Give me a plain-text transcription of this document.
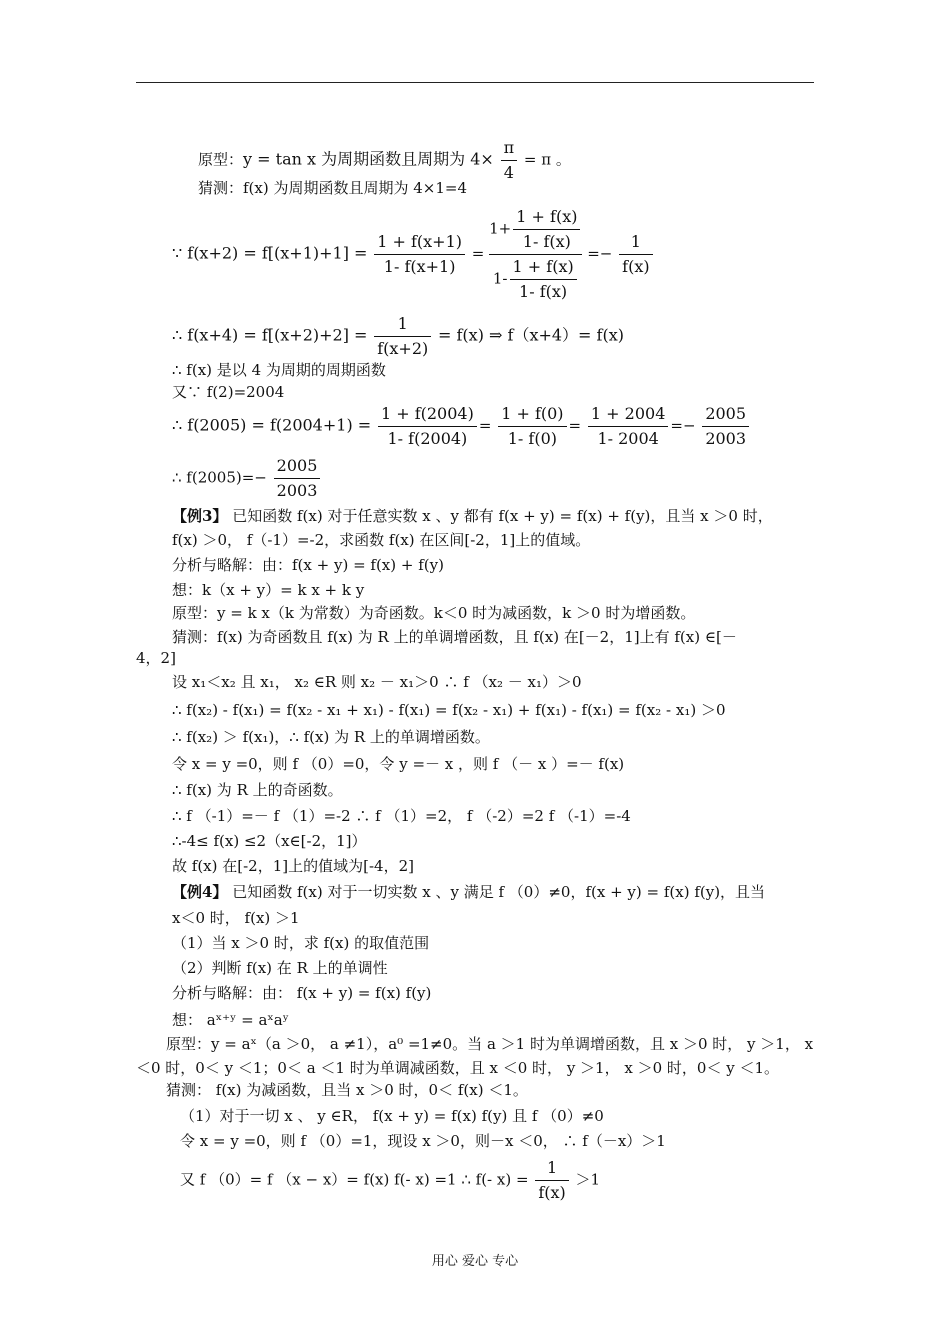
原型：y = tan x 为周期函数且周期为 $4\times \frac{\pi}{4} = \pi$ 。
猜测：f(x) 为周期函数且周期为 4×1=4
∵ $f(x+2) = f[(x+1)+1] = \frac{1 + f(x+1)}{1- f(x+1)} = \frac{1+ \frac{1 + f(x)}{1- f(x)}}{1- \frac{1 + f(x)}{1- f(x)}} =- \frac{1}{f(x)}$
∴ $f(x+4) = f[(x+2)+2] = \frac{1}{f(x+2)} = f(x)$ ⇒ f（x+4）= f(x)
∴ f(x) 是以 4 为周期的周期函数
又∵ f(2)=2004
∴ $f(2005) = f(2004+1) = \frac{1 + f(2004)}{1- f(2004)} = \frac{1 + f(0)}{1- f(0)} = \frac{1 + 2004}{1- 2004} =- \frac{2005}{2003}$
∴ $f(2005)=- \frac{2005}{2003}$
【例3】 已知函数 f(x) 对于任意实数 x 、y 都有 f(x + y) = f(x) + f(y)，且当 x ＞0 时，
f(x) ＞0， f（-1）=-2，求函数 f(x) 在区间[-2，1]上的值域。
分析与略解：由：f(x + y) = f(x) + f(y)
想：k（x + y）= k x + k y
原型：y = k x（k 为常数）为奇函数。k＜0 时为减函数，k ＞0 时为增函数。
猜测：f(x) 为奇函数且 f(x) 为 R 上的单调增函数，且 f(x) 在[－2，1]上有 f(x) ∈[－
4，2]
设 x₁＜x₂ 且 x₁， x₂ ∈R 则 x₂ － x₁＞0 ∴ f （x₂ － x₁）＞0
∴ f(x₂) - f(x₁) = f(x₂ - x₁ + x₁) - f(x₁) = f(x₂ - x₁) + f(x₁) - f(x₁) = f(x₂ - x₁) ＞0
∴ f(x₂) ＞ f(x₁)，∴ f(x) 为 R 上的单调增函数。
令 x = y =0，则 f （0）=0，令 y =－ x ，则 f （－ x ）=－ f(x)
∴ f(x) 为 R 上的奇函数。
∴ f （-1）=－ f （1）=-2 ∴ f （1）=2， f （-2）=2 f （-1）=-4
∴-4≤ f(x) ≤2（x∈[-2，1]）
故 f(x) 在[-2，1]上的值域为[-4，2]
【例4】 已知函数 f(x) 对于一切实数 x 、y 满足 f （0）≠0，f(x + y) = f(x) f(y)，且当
x＜0 时， f(x) ＞1
（1）当 x ＞0 时，求 f(x) 的取值范围
（2）判断 f(x) 在 R 上的单调性
分析与略解：由： f(x + y) = f(x) f(y)
想： aˣ⁺ʸ = aˣaʸ
原型：y = aˣ（a ＞0， a ≠1），a⁰ =1≠0。当 a ＞1 时为单调增函数，且 x ＞0 时， y ＞1， x
＜0 时，0＜ y ＜1；0＜ a ＜1 时为单调减函数，且 x ＜0 时， y ＞1， x ＞0 时，0＜ y ＜1。
猜测： f(x) 为减函数，且当 x ＞0 时，0＜ f(x) ＜1。
（1）对于一切 x 、 y ∈R， f(x + y) = f(x) f(y) 且 f （0）≠0
令 x = y =0，则 f （0）=1，现设 x ＞0，则－x ＜0， ∴ f（－x）＞1
又 f （0）= f （x − x）= f(x) f(- x) =1 ∴ f(- $x) = \frac{1}{f(x)} >1$
用心 爱心 专心
